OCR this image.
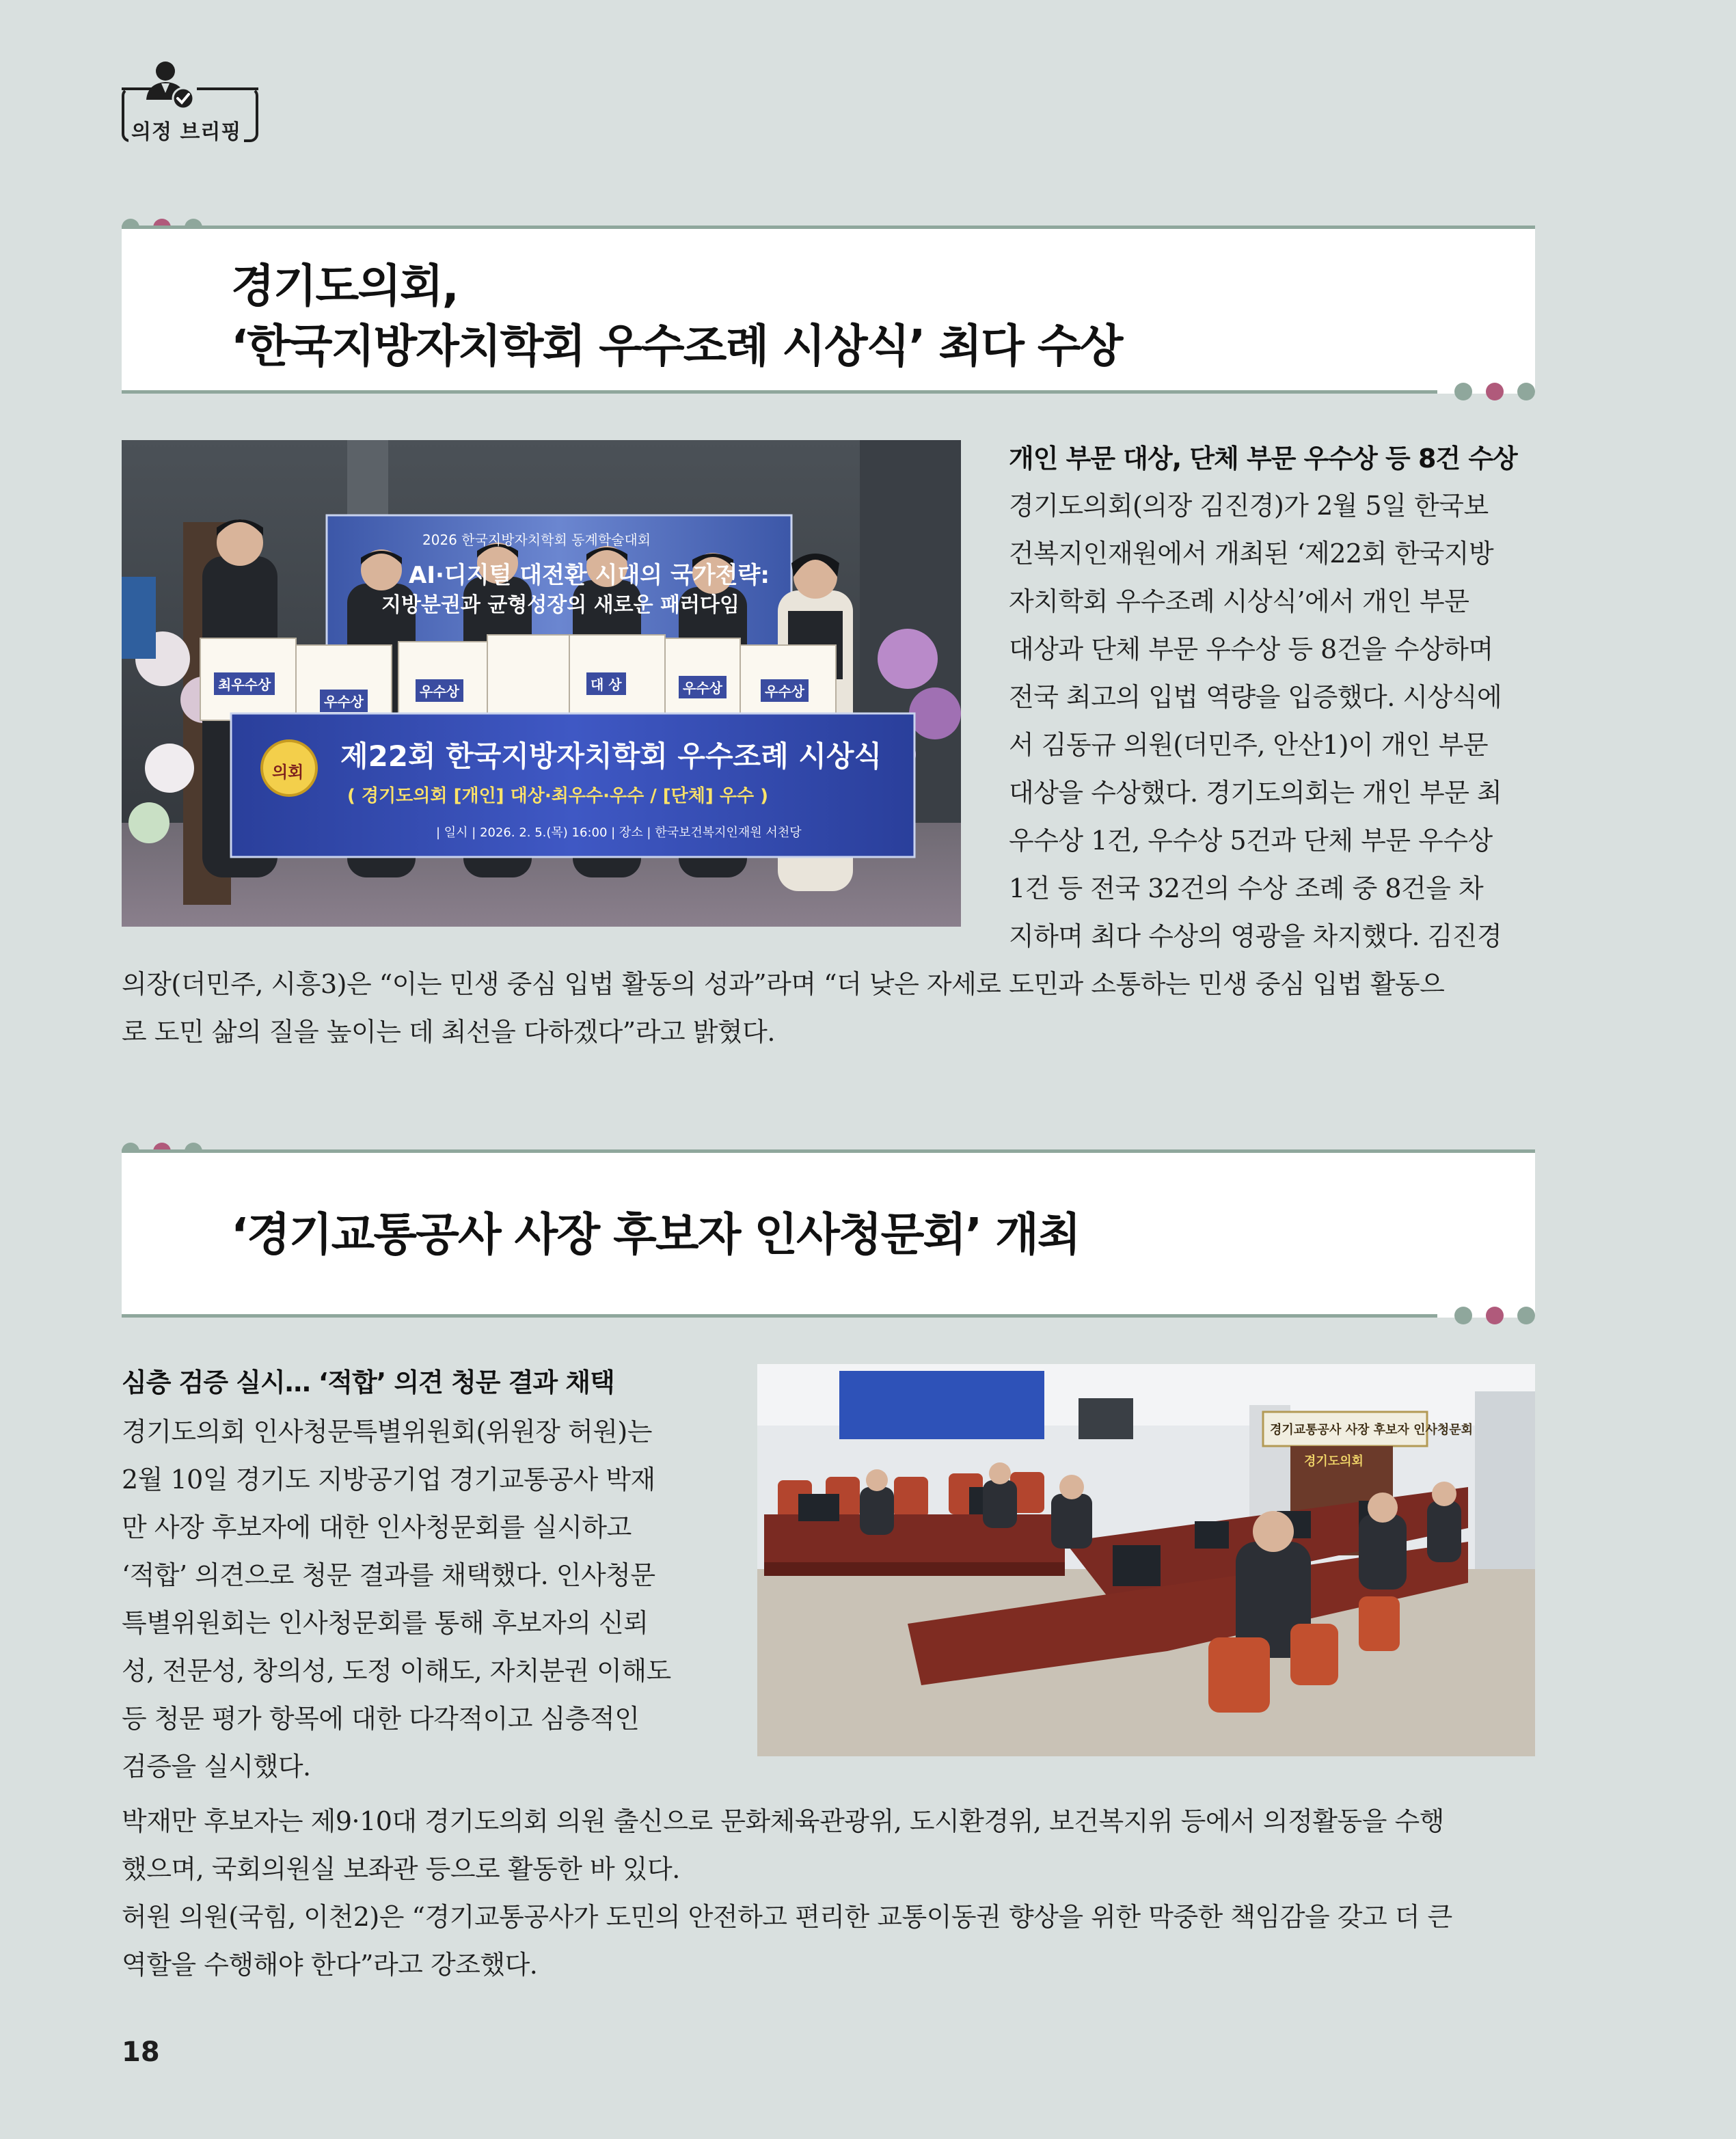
의정 브리핑
경기도의회,
‘한국지방자치학회 우수조례 시상식’ 최다 수상
2026 한국지방자치학회 동계학술대회
AI·디지털 대전환 시대의 국가전략:
지방분권과 균형성장의 새로운 패러다임
최우수상
우수상
우수상	대 상	우수상	우수상
의회 제22회 한국지방자치학회 우수조례 시상식
( 경기도의회 [개인] 대상·최우수·우수 / [단체] 우수 )
| 일시 | 2026. 2. 5.(목) 16:00 | 장소 | 한국보건복지인재원 서천당
개인 부문 대상, 단체 부문 우수상 등 8건 수상
경기도의회(의장 김진경)가 2월 5일 한국보
건복지인재원에서 개최된 ‘제22회 한국지방
자치학회 우수조례 시상식’에서 개인 부문
대상과 단체 부문 우수상 등 8건을 수상하며
전국 최고의 입법 역량을 입증했다. 시상식에
서 김동규 의원(더민주, 안산1)이 개인 부문
대상을 수상했다. 경기도의회는 개인 부문 최
우수상 1건, 우수상 5건과 단체 부문 우수상
1건 등 전국 32건의 수상 조례 중 8건을 차
지하며 최다 수상의 영광을 차지했다. 김진경
의장(더민주, 시흥3)은 “이는 민생 중심 입법 활동의 성과”라며 “더 낮은 자세로 도민과 소통하는 민생 중심 입법 활동으
로 도민 삶의 질을 높이는 데 최선을 다하겠다”라고 밝혔다.
‘경기교통공사 사장 후보자 인사청문회’ 개최
심층 검증 실시… ‘적합’ 의견 청문 결과 채택
경기도의회 인사청문특별위원회(위원장 허원)는
2월 10일 경기도 지방공기업 경기교통공사 박재
만 사장 후보자에 대한 인사청문회를 실시하고
‘적합’ 의견으로 청문 결과를 채택했다. 인사청문
특별위원회는 인사청문회를 통해 후보자의 신뢰
성, 전문성, 창의성, 도정 이해도, 자치분권 이해도
등 청문 평가 항목에 대한 다각적이고 심층적인
검증을 실시했다.
경기교통공사 사장 후보자 인사청문회
경기도의회
박재만 후보자는 제9·10대 경기도의회 의원 출신으로 문화체육관광위, 도시환경위, 보건복지위 등에서 의정활동을 수행
했으며, 국회의원실 보좌관 등으로 활동한 바 있다.
허원 의원(국힘, 이천2)은 “경기교통공사가 도민의 안전하고 편리한 교통이동권 향상을 위한 막중한 책임감을 갖고 더 큰
역할을 수행해야 한다”라고 강조했다.
18
